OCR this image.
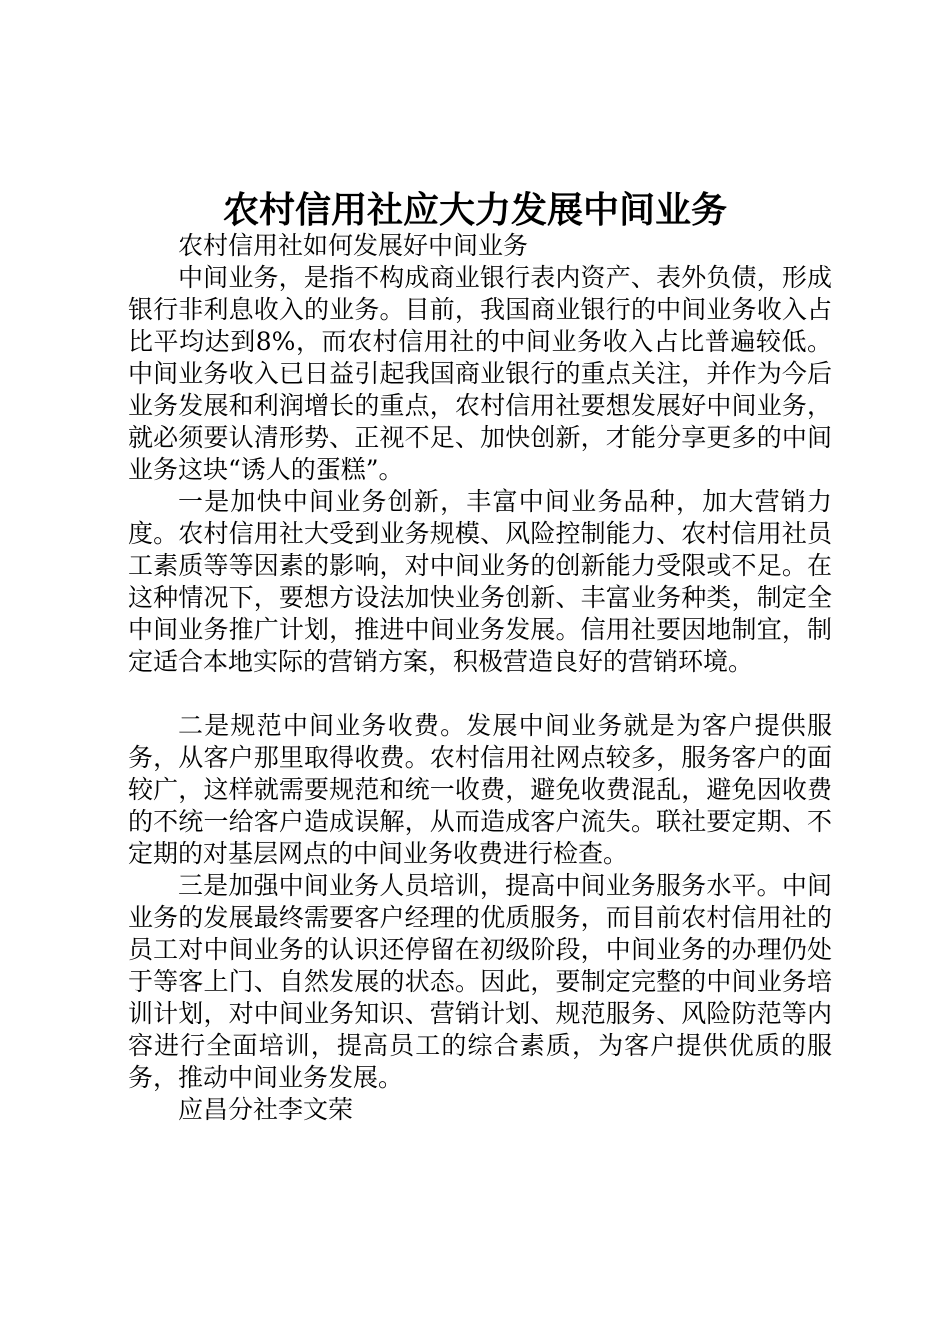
农村信用社应大力发展中间业务

农村信用社如何发展好中间业务

中间业务，是指不构成商业银行表内资产、表外负债，形成银行非利息收入的业务。目前，我国商业银行的中间业务收入占比平均达到8%，而农村信用社的中间业务收入占比普遍较低。中间业务收入已日益引起我国商业银行的重点关注，并作为今后业务发展和利润增长的重点，农村信用社要想发展好中间业务，就必须要认清形势、正视不足、加快创新，才能分享更多的中间业务这块“诱人的蛋糕”。

一是加快中间业务创新，丰富中间业务品种，加大营销力度。农村信用社大受到业务规模、风险控制能力、农村信用社员工素质等等因素的影响，对中间业务的创新能力受限或不足。在这种情况下，要想方设法加快业务创新、丰富业务种类，制定全中间业务推广计划，推进中间业务发展。信用社要因地制宜，制定适合本地实际的营销方案，积极营造良好的营销环境。

二是规范中间业务收费。发展中间业务就是为客户提供服务，从客户那里取得收费。农村信用社网点较多，服务客户的面较广，这样就需要规范和统一收费，避免收费混乱，避免因收费的不统一给客户造成误解，从而造成客户流失。联社要定期、不定期的对基层网点的中间业务收费进行检查。

三是加强中间业务人员培训，提高中间业务服务水平。中间业务的发展最终需要客户经理的优质服务，而目前农村信用社的员工对中间业务的认识还停留在初级阶段，中间业务的办理仍处于等客上门、自然发展的状态。因此，要制定完整的中间业务培训计划，对中间业务知识、营销计划、规范服务、风险防范等内容进行全面培训，提高员工的综合素质，为客户提供优质的服务，推动中间业务发展。

应昌分社李文荣
